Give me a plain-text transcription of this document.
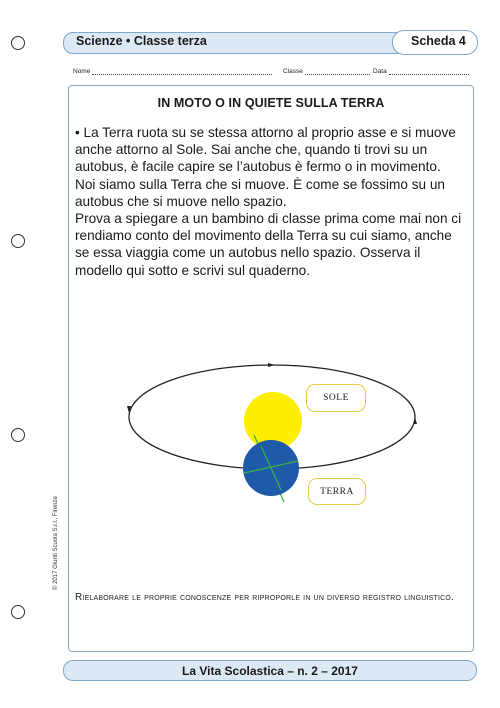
Scienze • Classe terza	Scheda 4
Nome	Classe	Data
IN MOTO O IN QUIETE SULLA TERRA

• La Terra ruota su se stessa attorno al proprio asse e si muove anche attorno al Sole. Sai anche che, quando ti trovi su un autobus, è facile capire se l’autobus è fermo o in movimento.

Noi siamo sulla Terra che si muove. È come se fossimo su un autobus che si muove nello spazio.

Prova a spiegare a un bambino di classe prima come mai non ci rendiamo conto del movimento della Terra su cui siamo, anche se essa viaggia come un autobus nello spazio. Osserva il modello qui sotto e scrivi sul quaderno.

SOLE
TERRA
Rielaborare le proprie conoscenze per riproporle in un diverso registro linguistico.
© 2017 Giunti Scuola S.r.l., Firenze
La Vita Scolastica – n. 2 – 2017
